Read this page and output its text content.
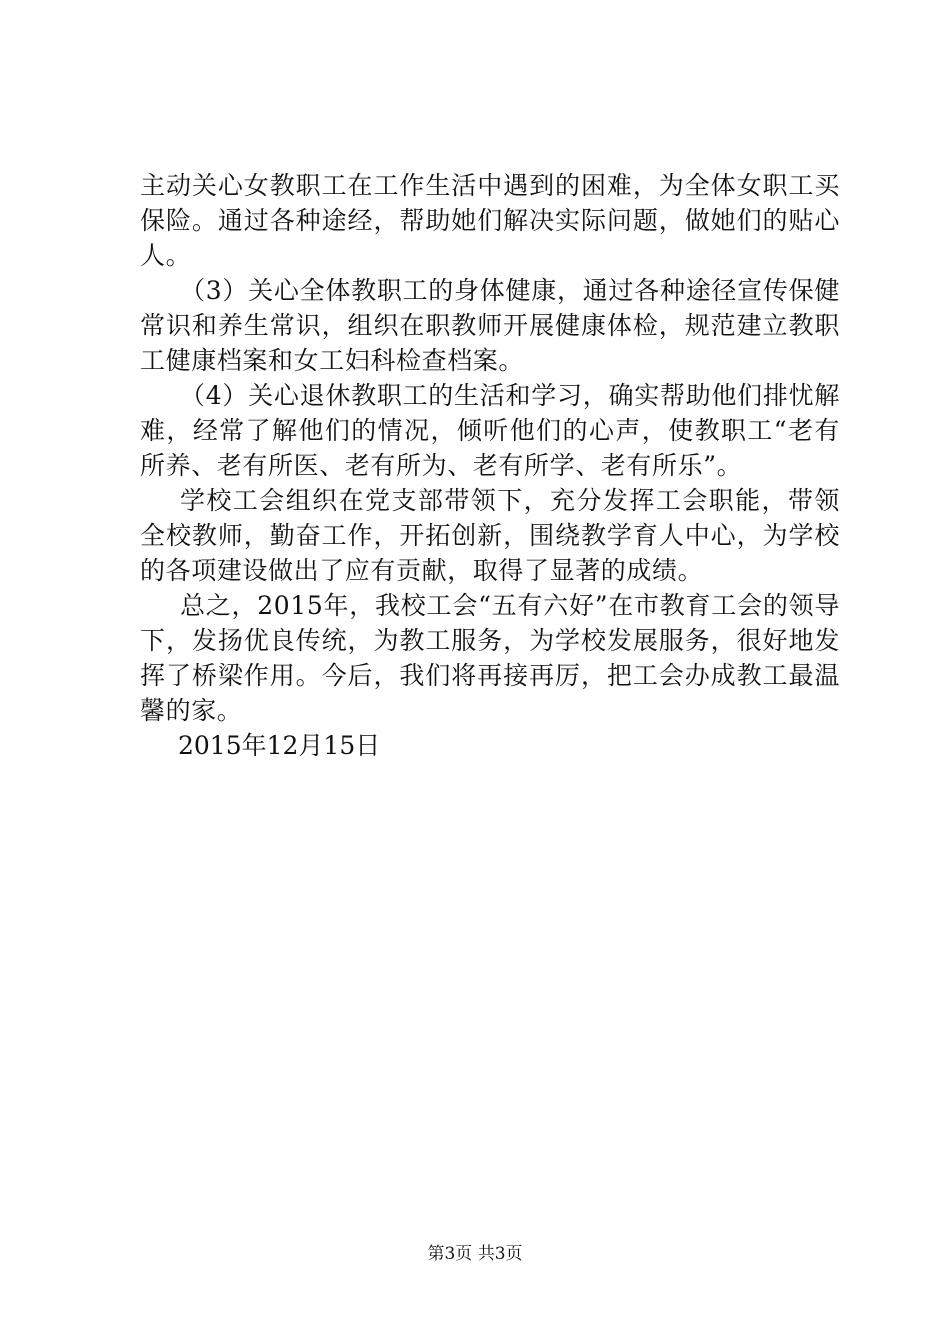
主动关心女教职工在工作生活中遇到的困难，为全体女职工买保险。通过各种途经，帮助她们解决实际问题，做她们的贴心人。

（3）关心全体教职工的身体健康，通过各种途径宣传保健常识和养生常识，组织在职教师开展健康体检，规范建立教职工健康档案和女工妇科检查档案。

（4）关心退休教职工的生活和学习，确实帮助他们排忧解难，经常了解他们的情况，倾听他们的心声，使教职工“老有所养、老有所医、老有所为、老有所学、老有所乐”。

学校工会组织在党支部带领下，充分发挥工会职能，带领全校教师，勤奋工作，开拓创新，围绕教学育人中心，为学校的各项建设做出了应有贡献，取得了显著的成绩。

总之，2015年，我校工会“五有六好”在市教育工会的领导下，发扬优良传统，为教工服务，为学校发展服务，很好地发挥了桥梁作用。今后，我们将再接再厉，把工会办成教工最温馨的家。

2015年12月15日

第3页 共3页
